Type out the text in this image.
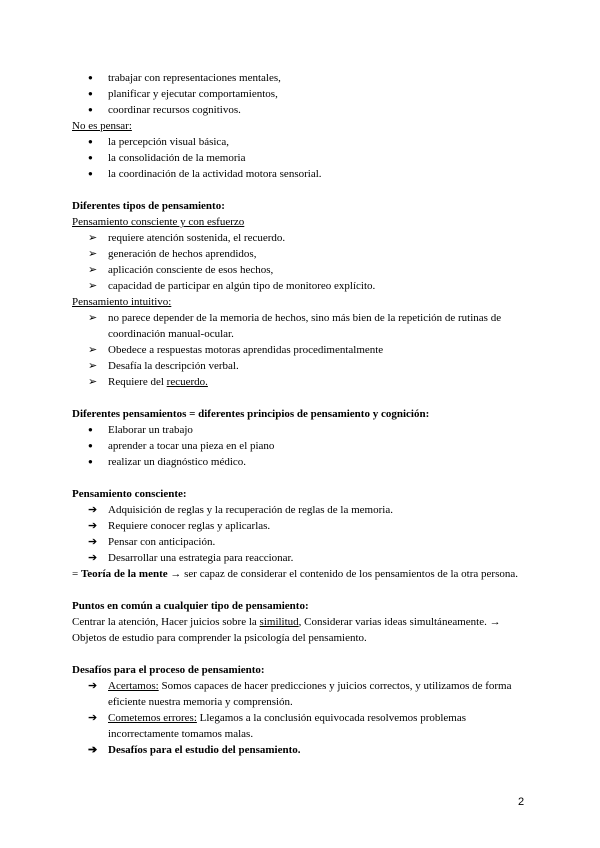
● trabajar con representaciones mentales,
● planificar y ejecutar comportamientos,
● coordinar recursos cognitivos.
No es pensar:
● la percepción visual básica,
● la consolidación de la memoria
● la coordinación de la actividad motora sensorial.
Diferentes tipos de pensamiento:
Pensamiento consciente y con esfuerzo
➢ requiere atención sostenida, el recuerdo.
➢ generación de hechos aprendidos,
➢ aplicación consciente de esos hechos,
➢ capacidad de participar en algún tipo de monitoreo explícito.
Pensamiento intuitivo:
➢ no parece depender de la memoria de hechos, sino más bien de la repetición de rutinas de coordinación manual-ocular.
➢ Obedece a respuestas motoras aprendidas procedimentalmente
➢ Desafía la descripción verbal.
➢ Requiere del recuerdo.
Diferentes pensamientos = diferentes principios de pensamiento y cognición:
● Elaborar un trabajo
● aprender a tocar una pieza en el piano
● realizar un diagnóstico médico.
Pensamiento consciente:
➔ Adquisición de reglas y la recuperación de reglas de la memoria.
➔ Requiere conocer reglas y aplicarlas.
➔ Pensar con anticipación.
➔ Desarrollar una estrategia para reaccionar.
= Teoría de la mente → ser capaz de considerar el contenido de los pensamientos de la otra persona.
Puntos en común a cualquier tipo de pensamiento:
Centrar la atención, Hacer juicios sobre la similitud, Considerar varias ideas simultáneamente. → Objetos de estudio para comprender la psicología del pensamiento.
Desafíos para el proceso de pensamiento:
➔ Acertamos: Somos capaces de hacer predicciones y juicios correctos, y utilizamos de forma eficiente nuestra memoria y comprensión.
➔ Cometemos errores: Llegamos a la conclusión equivocada resolvemos problemas incorrectamente tomamos malas.
➔ Desafíos para el estudio del pensamiento.
2
